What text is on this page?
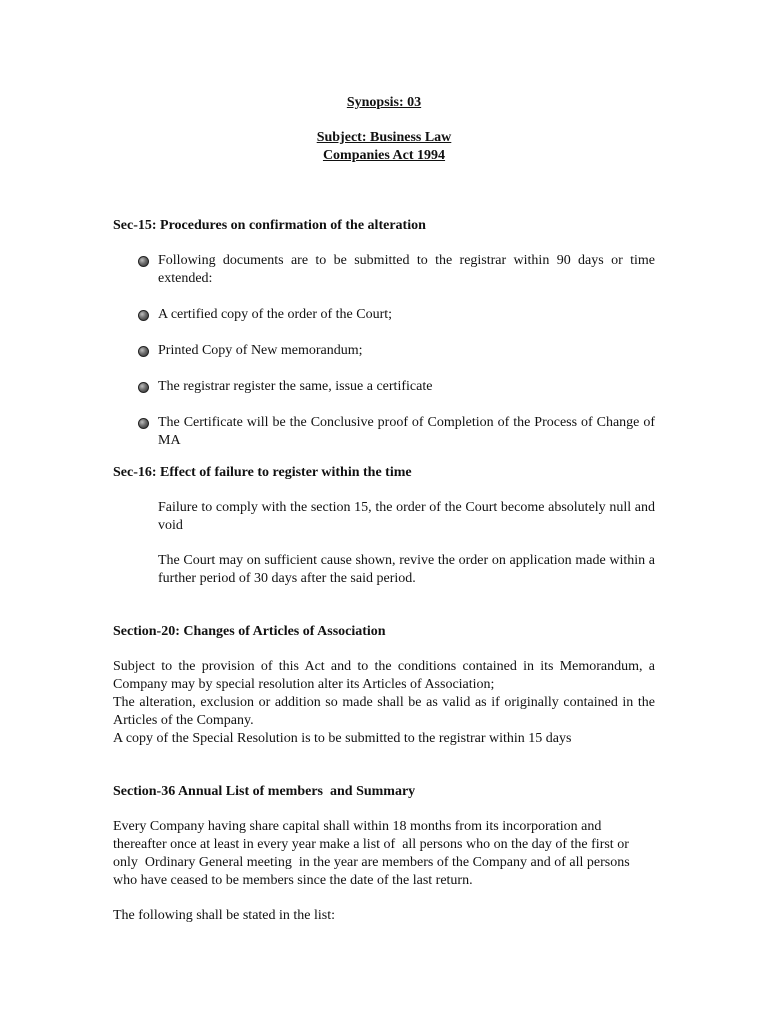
Synopsis: 03

Subject: Business Law

Companies Act 1994

Sec-15: Procedures on confirmation of the alteration

Following documents are to be submitted to the registrar within 90 days or time extended:
A certified copy of the order of the Court;
Printed Copy of New memorandum;
The registrar register the same, issue a certificate
The Certificate will be the Conclusive proof of Completion of the Process of Change of MA

Sec-16: Effect of failure to register within the time

Failure to comply with the section 15, the order of the Court become absolutely null and void

The Court may on sufficient cause shown, revive the order on application made within a further period of 30 days after the said period.

Section-20: Changes of Articles of Association

Subject to the provision of this Act and to the conditions contained in its Memorandum, a Company may by special resolution alter its Articles of Association;

The alteration, exclusion or addition so made shall be as valid as if originally contained in the Articles of the Company.

A copy of the Special Resolution is to be submitted to the registrar within 15 days

Section-36 Annual List of members  and Summary

Every Company having share capital shall within 18 months from its incorporation and thereafter once at least in every year make a list of  all persons who on the day of the first or only  Ordinary General meeting  in the year are members of the Company and of all persons who have ceased to be members since the date of the last return.

The following shall be stated in the list:
